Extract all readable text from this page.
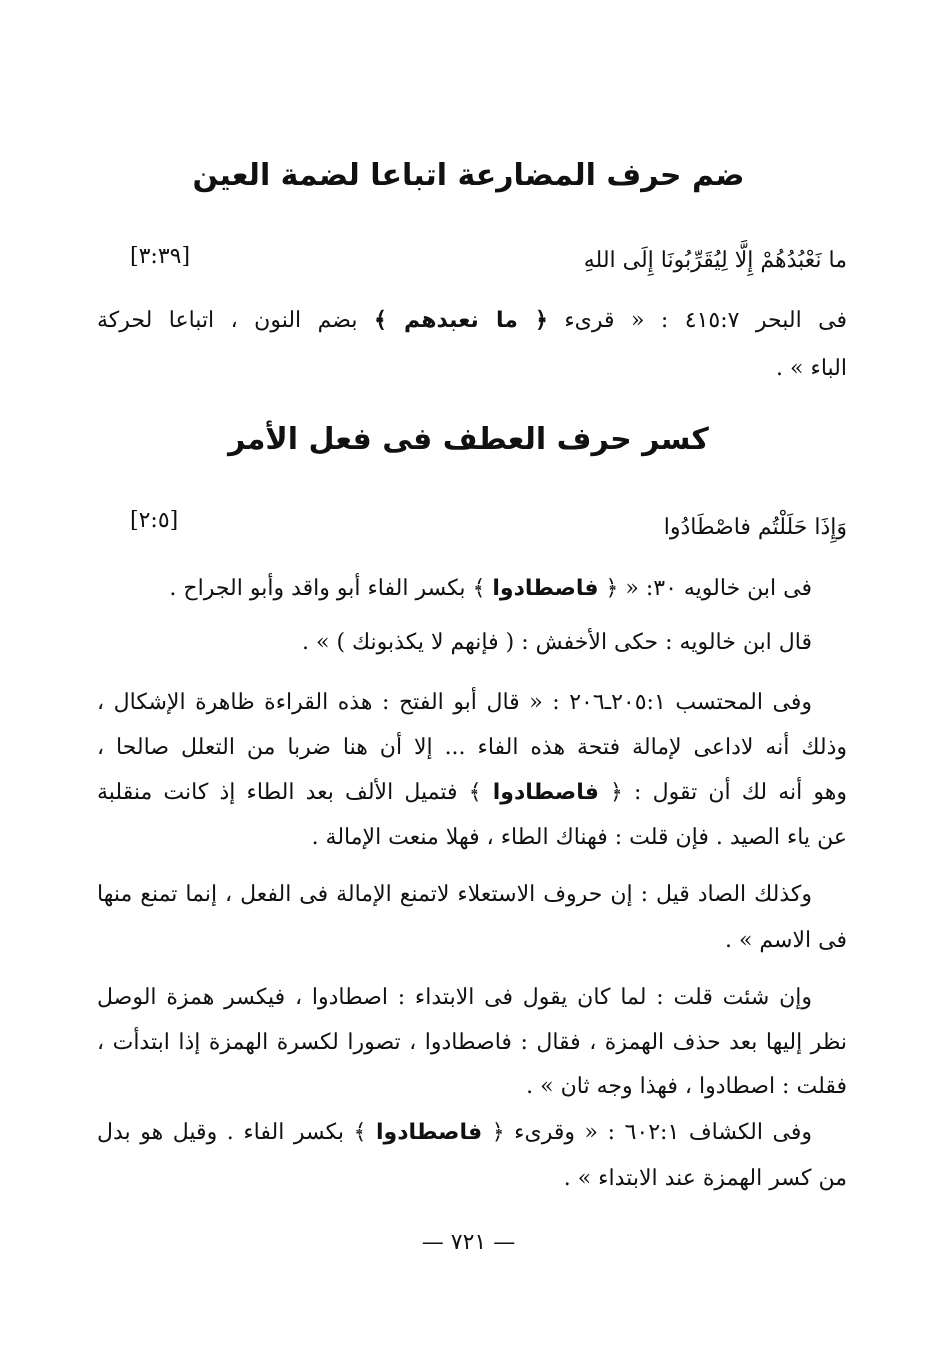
ضم حرف المضارعة اتباعا لضمة العين
ما نَعْبُدُهُمْ إِلَّا لِيُقَرِّبُونَا إِلَى اللهِ
[٣:٣٩]
فى البحر ٤١٥:٧ : « قرىء ﴿ ما نعبدهم ﴾ بضم النون ، اتباعا لحركة
الباء » .
كسر حرف العطف فى فعل الأمر
وَإِذَا حَلَلْتُم فاصْطَادُوا
[٢:٥]
فى ابن خالويه ٣٠: « ﴿ فاصطادوا ﴾ بكسر الفاء أبو واقد وأبو الجراح .
قال ابن خالويه : حكى الأخفش : ( فإنهم لا يكذبونك ) » .
وفى المحتسب ٢٠٥:١ـ٢٠٦ : « قال أبو الفتح : هذه القراءة ظاهرة الإشكال ،
وذلك أنه لاداعى لإمالة فتحة هذه الفاء ... إلا أن هنا ضربا من التعلل صالحا ،
وهو أنه لك أن تقول : ﴿ فاصطادوا ﴾ فتميل الألف بعد الطاء إذ كانت منقلبة
عن ياء الصيد . فإن قلت : فهناك الطاء ، فهلا منعت الإمالة .
وكذلك الصاد قيل : إن حروف الاستعلاء لاتمنع الإمالة فى الفعل ، إنما تمنع منها
فى الاسم » .
وإن شئت قلت : لما كان يقول فى الابتداء : اصطادوا ، فيكسر همزة الوصل
نظر إليها بعد حذف الهمزة ، فقال : فاصطادوا ، تصورا لكسرة الهمزة إذا ابتدأت ،
فقلت : اصطادوا ، فهذا وجه ثان » .
وفى الكشاف ٦٠٢:١ : « وقرىء ﴿ فاصطادوا ﴾ بكسر الفاء . وقيل هو بدل
من كسر الهمزة عند الابتداء » .
— ٧٢١ —
